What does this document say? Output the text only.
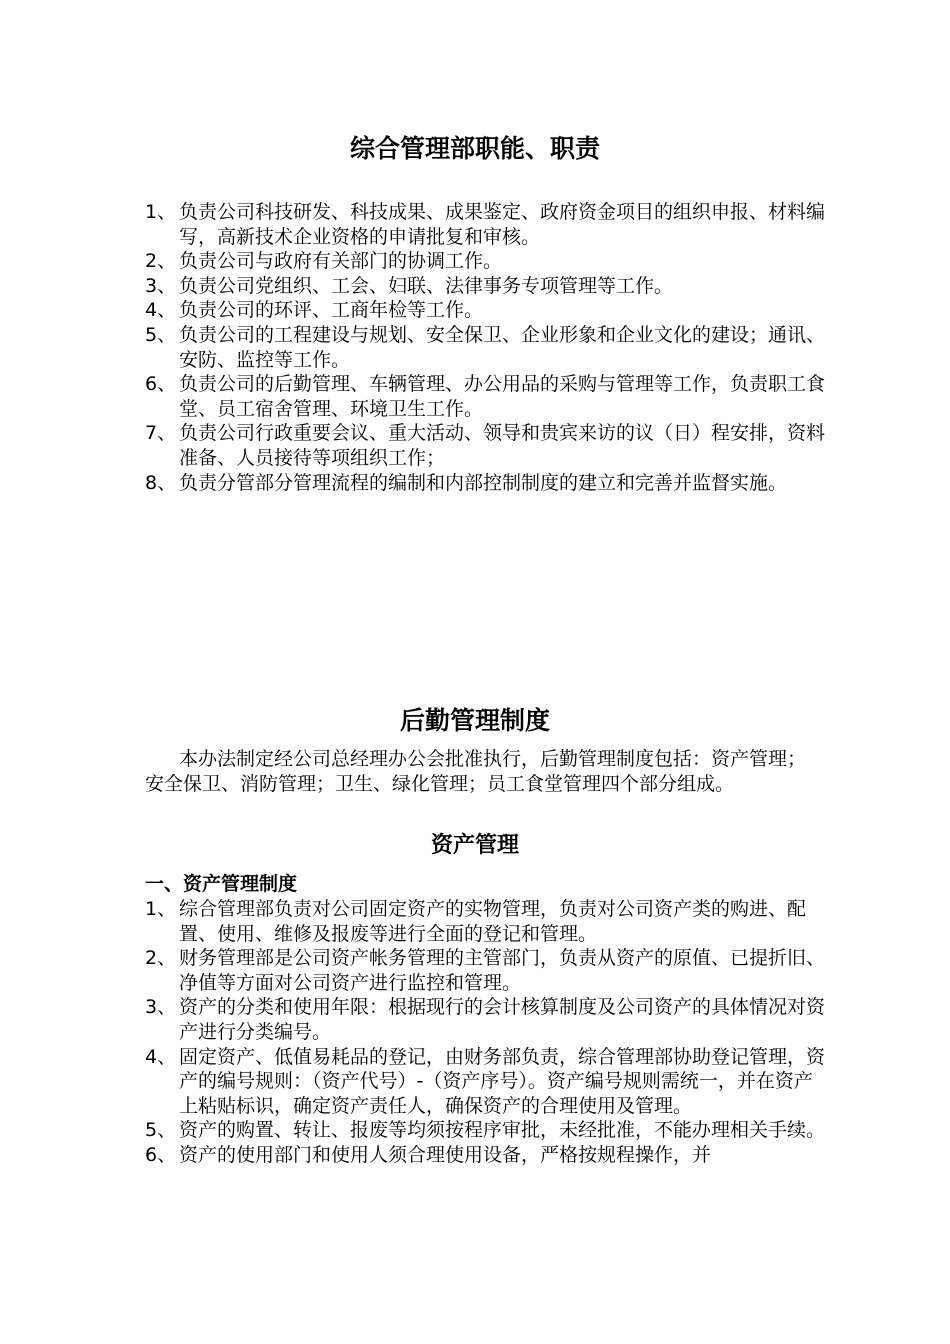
综合管理部职能、职责
1、 负责公司科技研发、科技成果、成果鉴定、政府资金项目的组织申报、材料编写，高新技术企业资格的申请批复和审核。
2、 负责公司与政府有关部门的协调工作。
3、 负责公司党组织、工会、妇联、法律事务专项管理等工作。
4、 负责公司的环评、工商年检等工作。
5、 负责公司的工程建设与规划、安全保卫、企业形象和企业文化的建设；通讯、安防、监控等工作。
6、 负责公司的后勤管理、车辆管理、办公用品的采购与管理等工作，负责职工食堂、员工宿舍管理、环境卫生工作。
7、 负责公司行政重要会议、重大活动、领导和贵宾来访的议（日）程安排，资料准备、人员接待等项组织工作；
8、 负责分管部分管理流程的编制和内部控制制度的建立和完善并监督实施。
后勤管理制度

本办法制定经公司总经理办公会批准执行，后勤管理制度包括：资产管理；安全保卫、消防管理；卫生、绿化管理；员工食堂管理四个部分组成。

资产管理
一、资产管理制度
1、 综合管理部负责对公司固定资产的实物管理，负责对公司资产类的购进、配置、使用、维修及报废等进行全面的登记和管理。
2、 财务管理部是公司资产帐务管理的主管部门，负责从资产的原值、已提折旧、净值等方面对公司资产进行监控和管理。
3、 资产的分类和使用年限：根据现行的会计核算制度及公司资产的具体情况对资产进行分类编号。
4、 固定资产、低值易耗品的登记，由财务部负责，综合管理部协助登记管理，资产的编号规则：（资产代号）-（资产序号）。资产编号规则需统一，并在资产上粘贴标识，确定资产责任人，确保资产的合理使用及管理。
5、 资产的购置、转让、报废等均须按程序审批，未经批准，不能办理相关手续。
6、 资产的使用部门和使用人须合理使用设备，严格按规程操作，并
